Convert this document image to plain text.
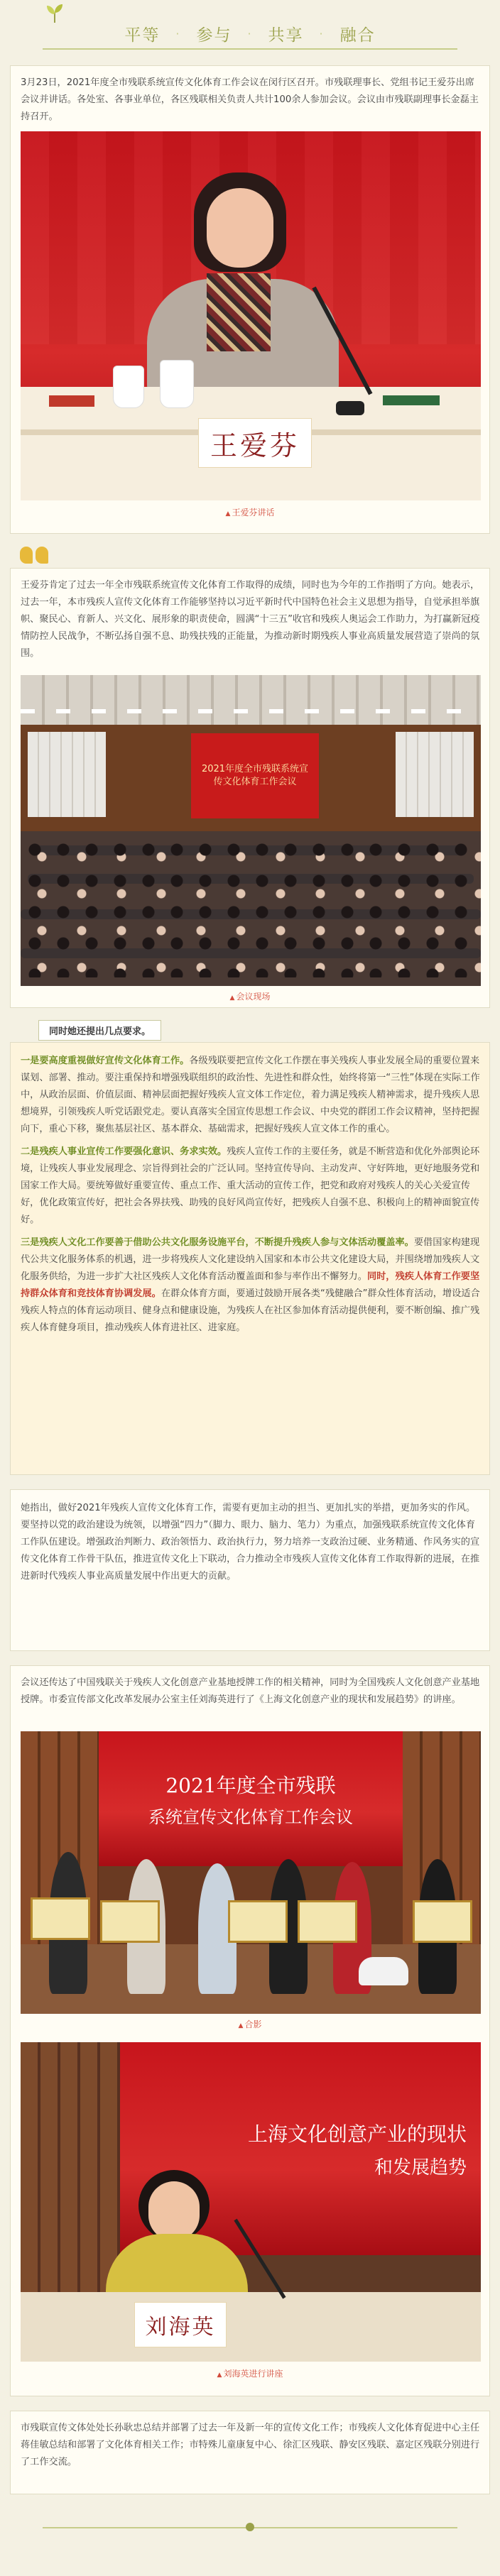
平等 · 参与 · 共享 · 融合
3月23日，2021年度全市残联系统宣传文化体育工作会议在闵行区召开。市残联理事长、党组书记王爱芬出席会议并讲话。各处室、各事业单位，各区残联相关负责人共计100余人参加会议。会议由市残联副理事长金磊主持召开。
王爱芬
▲ 王爱芬讲话
王爱芬肯定了过去一年全市残联系统宣传文化体育工作取得的成绩，同时也为今年的工作指明了方向。她表示，过去一年，本市残疾人宣传文化体育工作能够坚持以习近平新时代中国特色社会主义思想为指导，自觉承担举旗帜、聚民心、育新人、兴文化、展形象的职责使命，圆满“十三五”收官和残疾人奥运会工作助力，为打赢新冠疫情防控人民战争，不断弘扬自强不息、助残扶残的正能量，为推动新时期残疾人事业高质量发展营造了崇尚的氛围。
2021年度全市残联系统宣传文化体育工作会议
▲ 会议现场
同时她还提出几点要求。

一是要高度重视做好宣传文化体育工作。各级残联要把宣传文化工作摆在事关残疾人事业发展全局的重要位置来谋划、部署、推动。要注重保持和增强残联组织的政治性、先进性和群众性，始终将第一“三性”体现在实际工作中，从政治层面、价值层面、精神层面把握好残疾人宣文体工作定位，着力满足残疾人精神需求，提升残疾人思想境界，引领残疾人听党话跟党走。要认真落实全国宣传思想工作会议、中央党的群团工作会议精神，坚持把握向下，重心下移，聚焦基层社区、基本群众、基础需求，把握好残疾人宣文体工作的重心。

二是残疾人事业宣传工作要强化意识、务求实效。残疾人宣传工作的主要任务，就是不断营造和优化外部舆论环境，让残疾人事业发展理念、宗旨得到社会的广泛认同。坚持宣传导向、主动发声、守好阵地，更好地服务党和国家工作大局。要统筹做好重要宣传、重点工作、重大活动的宣传工作，把党和政府对残疾人的关心关爱宣传好，优化政策宣传好，把社会各界扶残、助残的良好风尚宣传好，把残疾人自强不息、积极向上的精神面貌宣传好。

三是残疾人文化工作要善于借助公共文化服务设施平台，不断提升残疾人参与文体活动覆盖率。要借国家构建现代公共文化服务体系的机遇，进一步将残疾人文化建设纳入国家和本市公共文化建设大局，并围绕增加残疾人文化服务供给，为进一步扩大社区残疾人文化体育活动覆盖面和参与率作出不懈努力。同时，残疾人体育工作要坚持群众体育和竞技体育协调发展。在群众体育方面，要通过鼓励开展各类“残健融合”群众性体育活动，增设适合残疾人特点的体育运动项目、健身点和健康设施，为残疾人在社区参加体育活动提供便利，要不断创编、推广残疾人体育健身项目，推动残疾人体育进社区、进家庭。

她指出，做好2021年残疾人宣传文化体育工作，需要有更加主动的担当、更加扎实的举措，更加务实的作风。要坚持以党的政治建设为统领，以增强“四力”（脚力、眼力、脑力、笔力）为重点，加强残联系统宣传文化体育工作队伍建设。增强政治判断力、政治领悟力、政治执行力，努力培养一支政治过硬、业务精通、作风务实的宣传文化体育工作骨干队伍，推进宣传文化上下联动，合力推动全市残疾人宣传文化体育工作取得新的进展，在推进新时代残疾人事业高质量发展中作出更大的贡献。
会议还传达了中国残联关于残疾人文化创意产业基地授牌工作的相关精神，同时为全国残疾人文化创意产业基地授牌。市委宣传部文化改革发展办公室主任刘海英进行了《上海文化创意产业的现状和发展趋势》的讲座。
2021年度全市残联
系统宣传文化体育工作会议
▲ 合影
上海文化创意产业的现状
和发展趋势
刘海英
▲ 刘海英进行讲座
市残联宣传文体处处长孙耿忠总结并部署了过去一年及新一年的宣传文化工作；市残疾人文化体育促进中心主任蒋佳敏总结和部署了文化体育相关工作；市特殊儿童康复中心、徐汇区残联、静安区残联、嘉定区残联分别进行了工作交流。
